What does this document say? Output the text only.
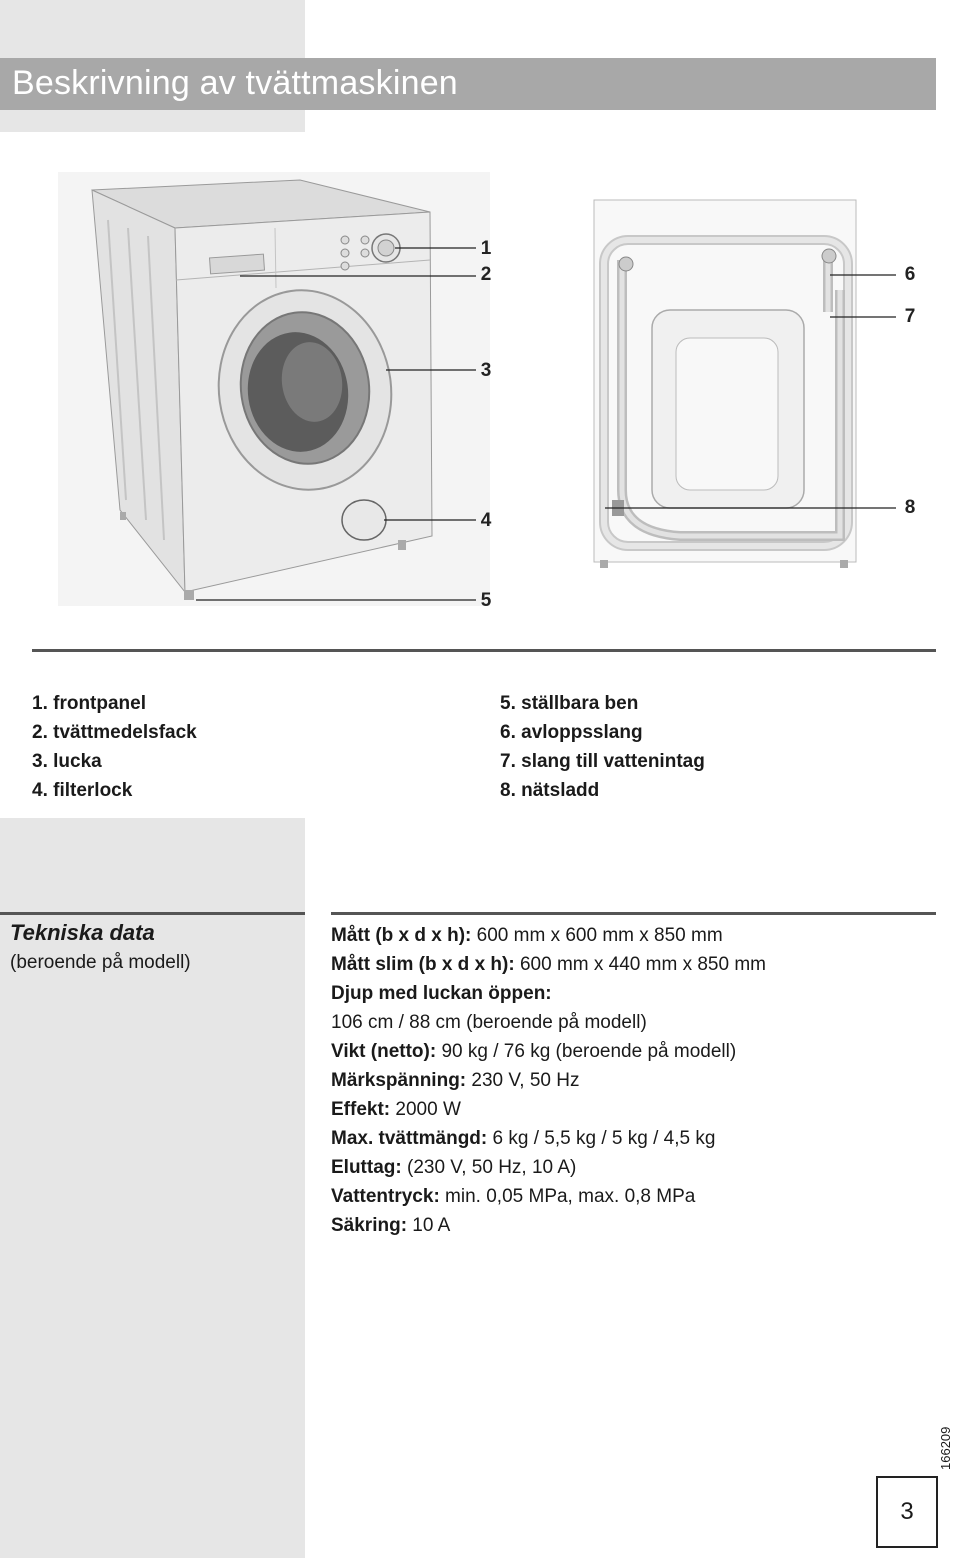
Beskrivning av tvättmaskinen
1
2
3
4
5
6
7
8
1. frontpanel
2. tvättmedelsfack
3. lucka
4. filterlock
5. ställbara ben
6. avloppsslang
7. slang till vattenintag
8. nätsladd
Tekniska data
(beroende på modell)
Mått (b x d x h): 600 mm x 600 mm x 850 mm
Mått slim (b x d x h): 600 mm x 440 mm x 850 mm
Djup med luckan öppen:
106 cm / 88 cm (beroende på modell)
Vikt (netto): 90 kg / 76 kg (beroende på modell)
Märkspänning: 230 V, 50 Hz
Effekt: 2000 W
Max. tvättmängd: 6 kg / 5,5 kg / 5 kg / 4,5 kg
Eluttag: (230 V, 50 Hz, 10 A)
Vattentryck: min. 0,05 MPa, max. 0,8 MPa
Säkring: 10 A
166209
3
